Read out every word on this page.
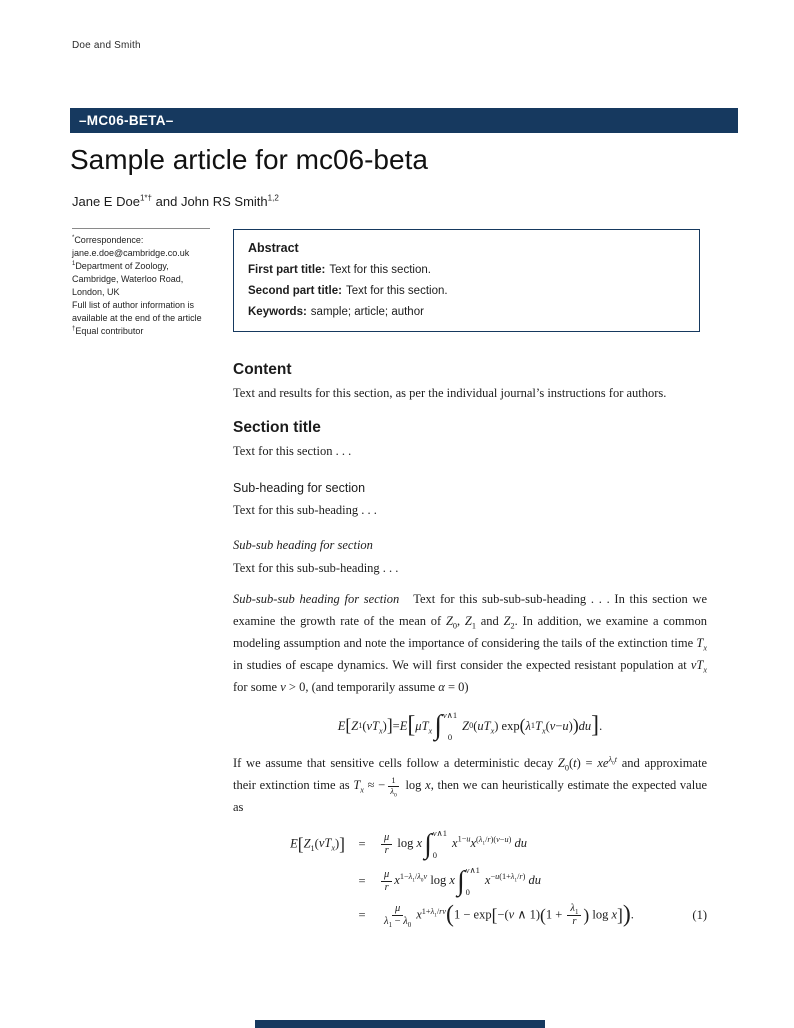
Doe and Smith
–MC06-BETA–
Sample article for mc06-beta
Jane E Doe$^{1*\dagger}$ and John RS Smith$^{1,2}$
*Correspondence:
jane.e.doe@cambridge.co.uk
$^1$Department of Zoology,
Cambridge, Waterloo Road,
London, UK
Full list of author information is
available at the end of the article
†Equal contributor
Abstract
First part title: Text for this section.
Second part title: Text for this section.
Keywords: sample; article; author
Content

Text and results for this section, as per the individual journal’s instructions for authors.

Section title

Text for this section . . .

Sub-heading for section

Text for this sub-heading . . .

Sub-sub heading for section

Text for this sub-sub-heading . . .

Sub-sub-sub heading for section Text for this sub-sub-sub-heading . . . In this section we examine the growth rate of the mean of $Z_0$, $Z_1$ and $Z_2$. In addition, we examine a common modeling assumption and note the importance of considering the tails of the extinction time $T_x$ in studies of escape dynamics. We will first consider the expected resistant population at $vT_x$ for some v > 0, (and temporarily assume α = 0)

E [ Z 1 ( $vT_x$ ) ] = E [ $\mu T_x$ ∫ v∧1
0
Z 0 ( $uT_x$ ) exp ( λ 1 $T_x$ ( v − u ) ) du ] .

If we assume that sensitive cells follow a deterministic decay $Z_0(t) = xe^{\lambda_0t}$ and approximate their extinction time as $T_x$ ≈ − $\frac{1}{\lambda_0}$ log x, then we can heuristically estimate the expected value as

$E[Z_1(vT_x)]$	=	$\frac{\mu}{r}$ log x ∫ v∧1
0
$x^{1-u}x^{(\lambda_1/r)(v-u)}$ du
=	$\frac{\mu}{r} x^{1-\lambda_1/\lambda_0v}$ log x ∫ v∧1
0
$x^{-u(1+\lambda_1/r)}$ du
=	$\frac{\mu}{\lambda_1 - \lambda_0} x^{1+\lambda_1/rv}(1 - \exp[-(v$ ∧ $1)(1 + \frac{\lambda_1}{r}$ ) log x]).	(1)
